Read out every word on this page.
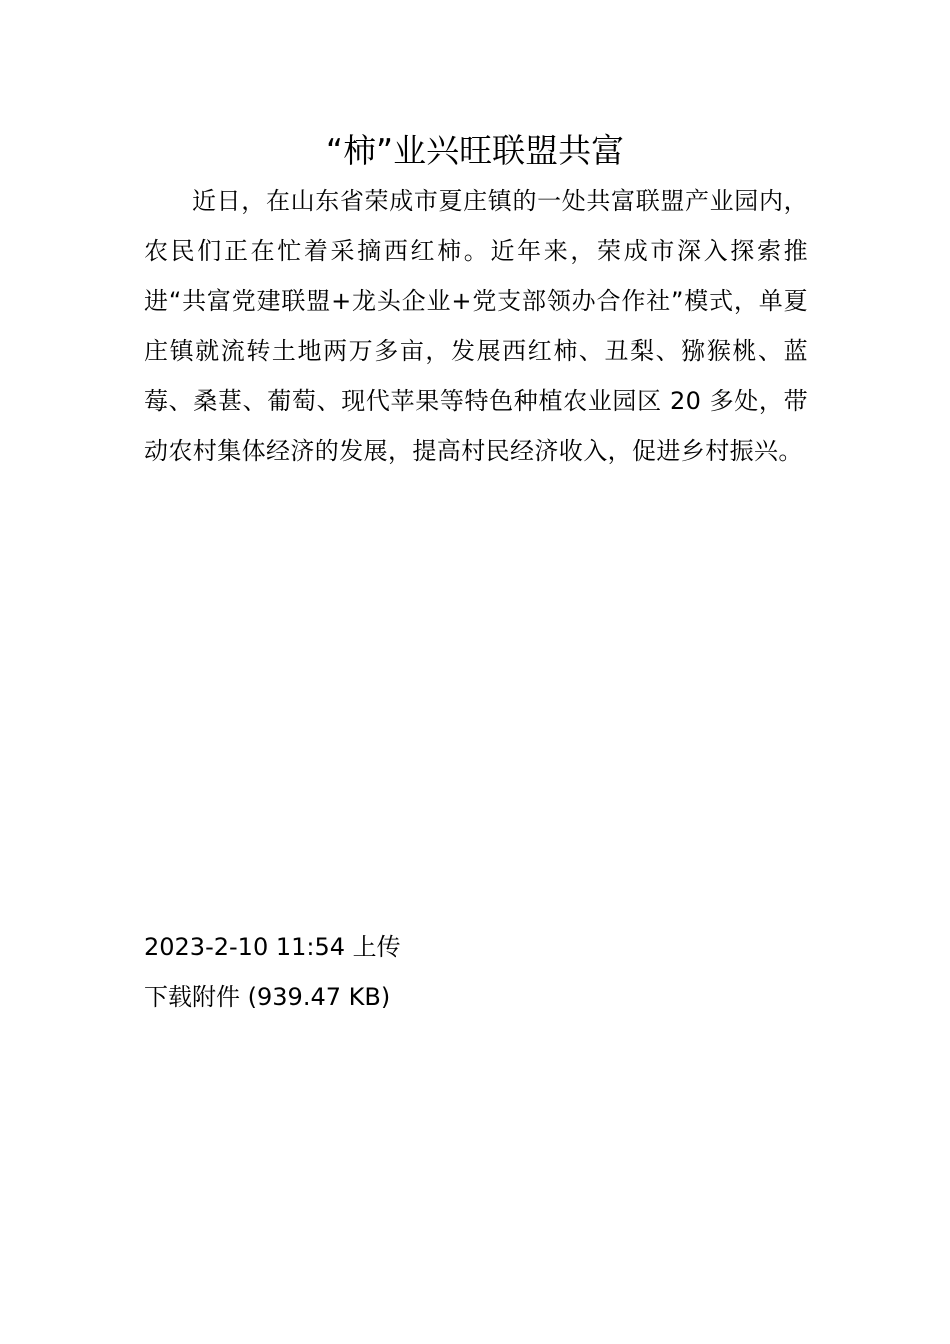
“柿”业兴旺联盟共富

近日，在山东省荣成市夏庄镇的一处共富联盟产业园内，农民们正在忙着采摘西红柿。近年来，荣成市深入探索推进“共富党建联盟+龙头企业+党支部领办合作社”模式，单夏庄镇就流转土地两万多亩，发展西红柿、丑梨、猕猴桃、蓝莓、桑葚、葡萄、现代苹果等特色种植农业园区 20 多处，带动农村集体经济的发展，提高村民经济收入，促进乡村振兴。

2023-2-10 11:54 上传
下载附件 (939.47 KB)
